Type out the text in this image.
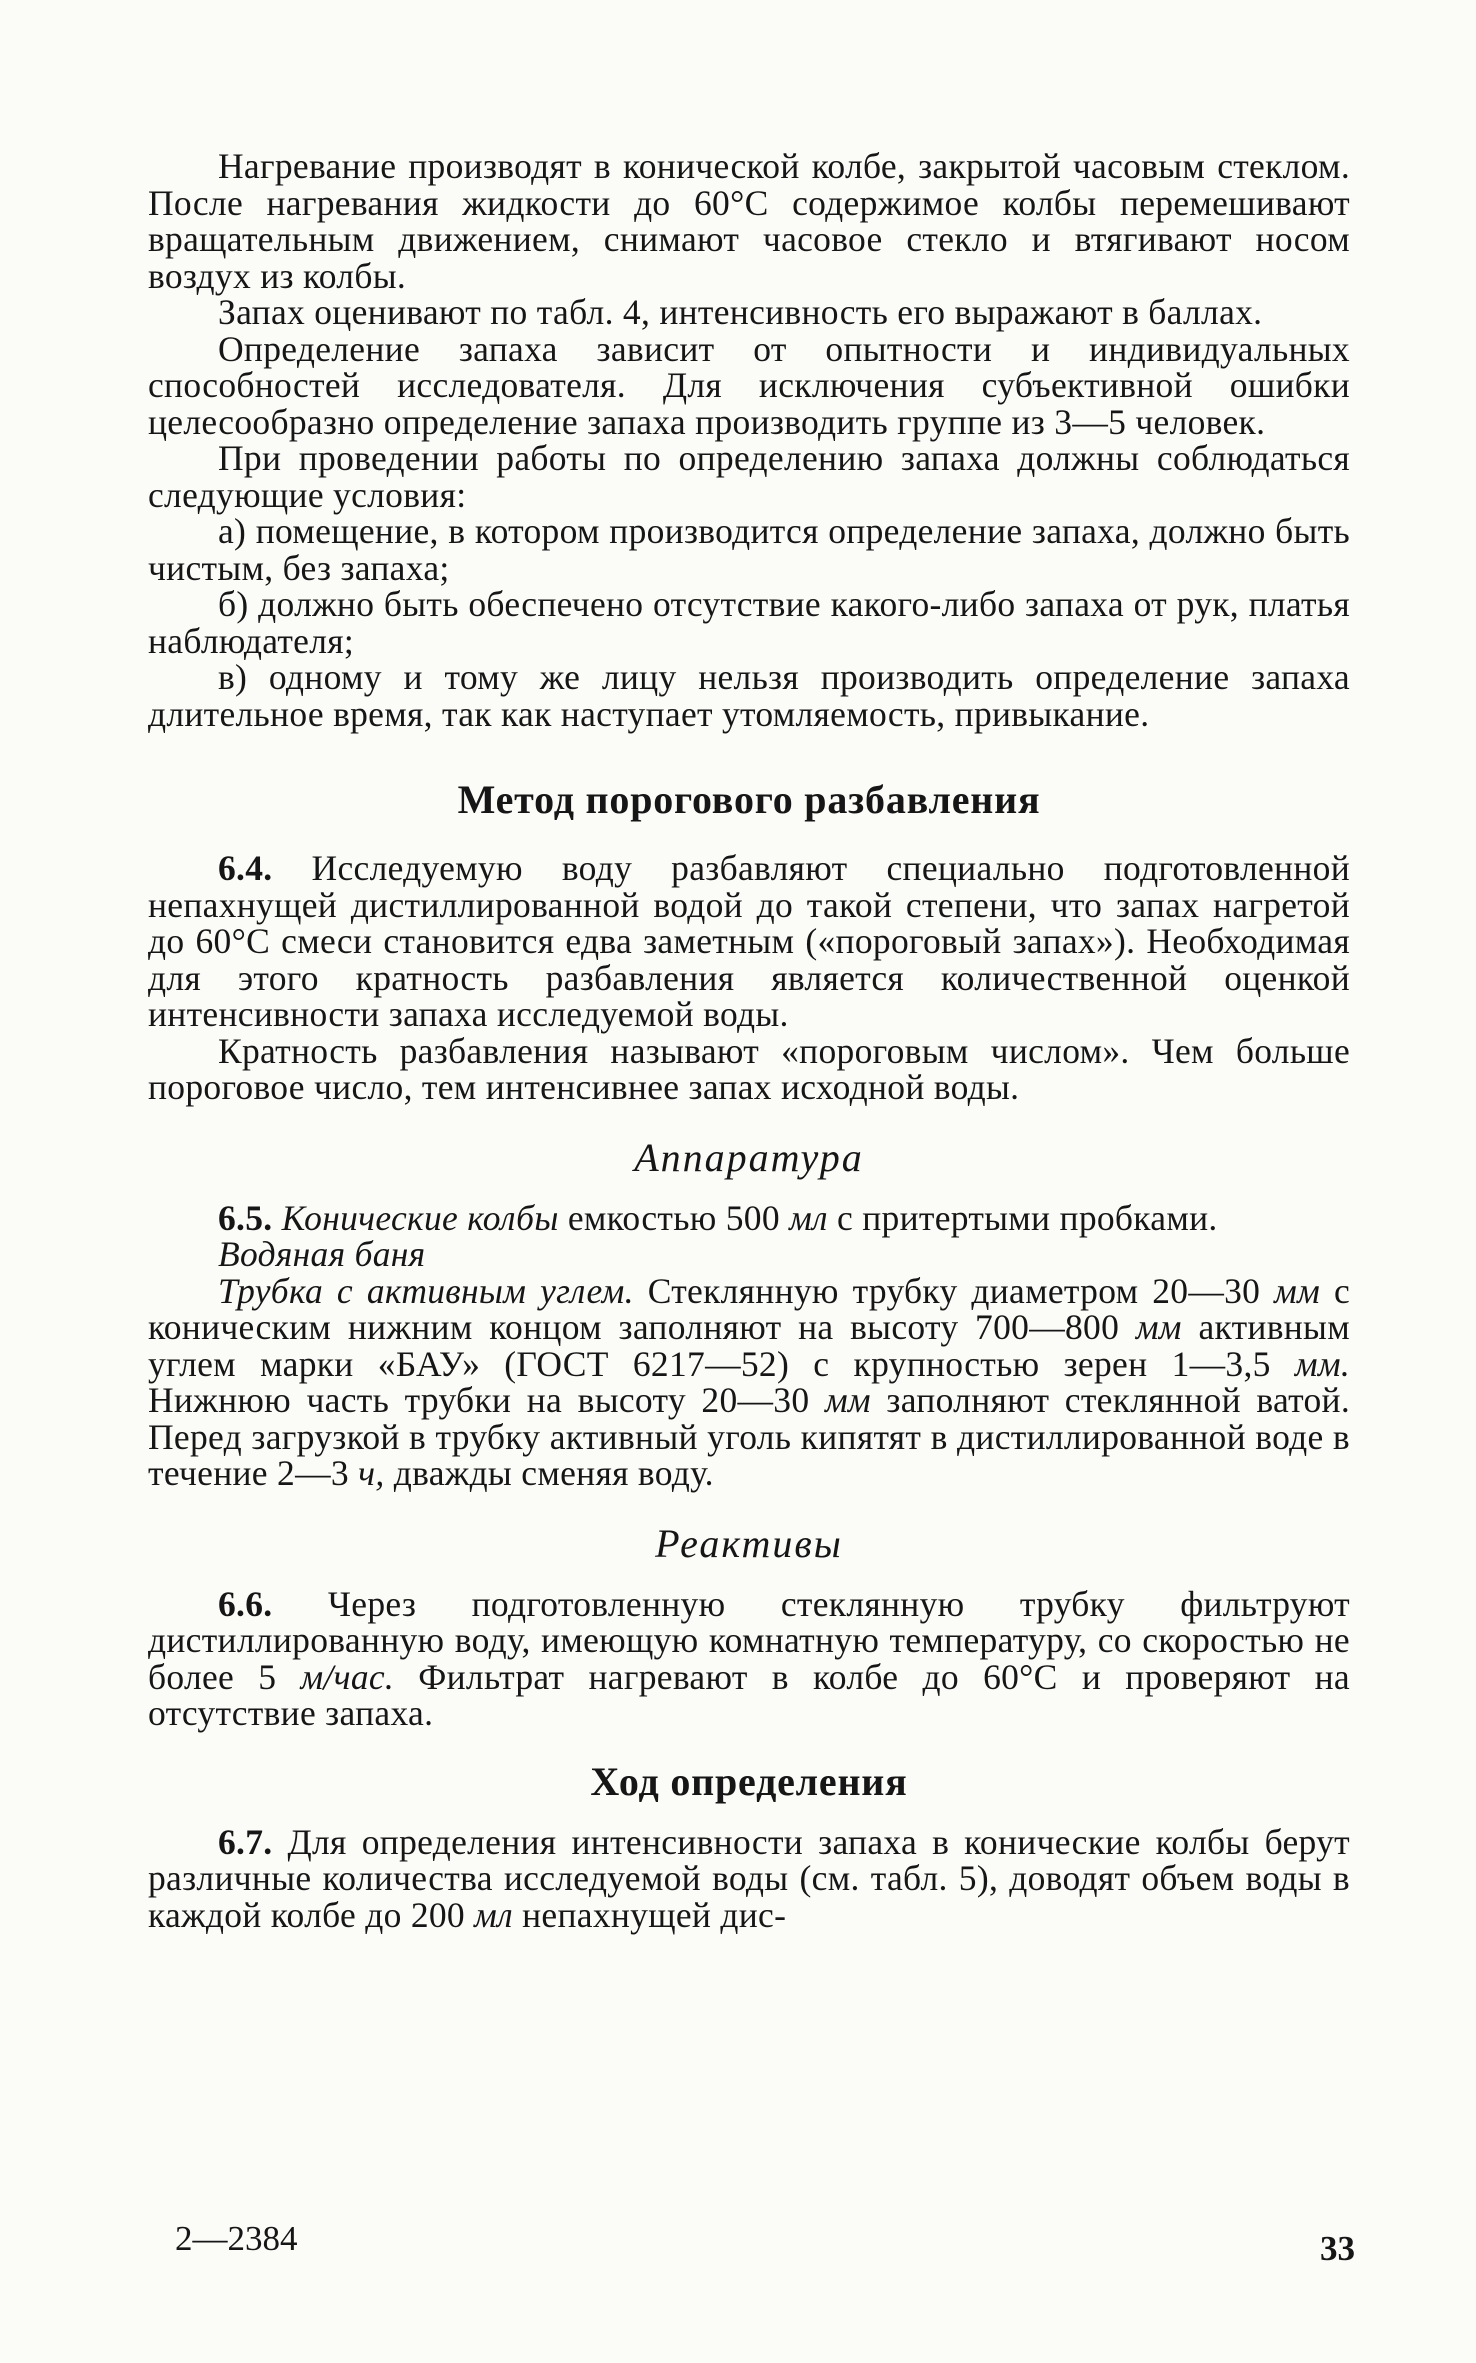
Нагревание производят в конической колбе, закрытой часовым стеклом. После нагревания жидкости до 60°С содержимое колбы перемешивают вращательным движением, снимают часовое стекло и втягивают носом воздух из колбы.

Запах оценивают по табл. 4, интенсивность его выражают в баллах.

Определение запаха зависит от опытности и индивидуальных способностей исследователя. Для исключения субъективной ошибки целесообразно определение запаха производить группе из 3—5 человек.

При проведении работы по определению запаха должны соблюдаться следующие условия:

а) помещение, в котором производится определение запаха, должно быть чистым, без запаха;

б) должно быть обеспечено отсутствие какого-либо запаха от рук, платья наблюдателя;

в) одному и тому же лицу нельзя производить определение запаха длительное время, так как наступает утомляемость, привыкание.

Метод порогового разбавления

6.4. Исследуемую воду разбавляют специально подготовленной непахнущей дистиллированной водой до такой степени, что запах нагретой до 60°С смеси становится едва заметным («пороговый запах»). Необходимая для этого кратность разбавления является количественной оценкой интенсивности запаха исследуемой воды.

Кратность разбавления называют «пороговым числом». Чем больше пороговое число, тем интенсивнее запах исходной воды.

Аппаратура

6.5. Конические колбы емкостью 500 мл с притертыми пробками.

Водяная баня

Трубка с активным углем. Стеклянную трубку диаметром 20—30 мм с коническим нижним концом заполняют на высоту 700—800 мм активным углем марки «БАУ» (ГОСТ 6217—52) с крупностью зерен 1—3,5 мм. Нижнюю часть трубки на высоту 20—30 мм заполняют стеклянной ватой. Перед загрузкой в трубку активный уголь кипятят в дистиллированной воде в течение 2—3 ч, дважды сменяя воду.

Реактивы

6.6. Через подготовленную стеклянную трубку фильтруют дистиллированную воду, имеющую комнатную температуру, со скоростью не более 5 м/час. Фильтрат нагревают в колбе до 60°С и проверяют на отсутствие запаха.

Ход определения

6.7. Для определения интенсивности запаха в конические колбы берут различные количества исследуемой воды (см. табл. 5), доводят объем воды в каждой колбе до 200 мл непахнущей дис-

2—2384	33
